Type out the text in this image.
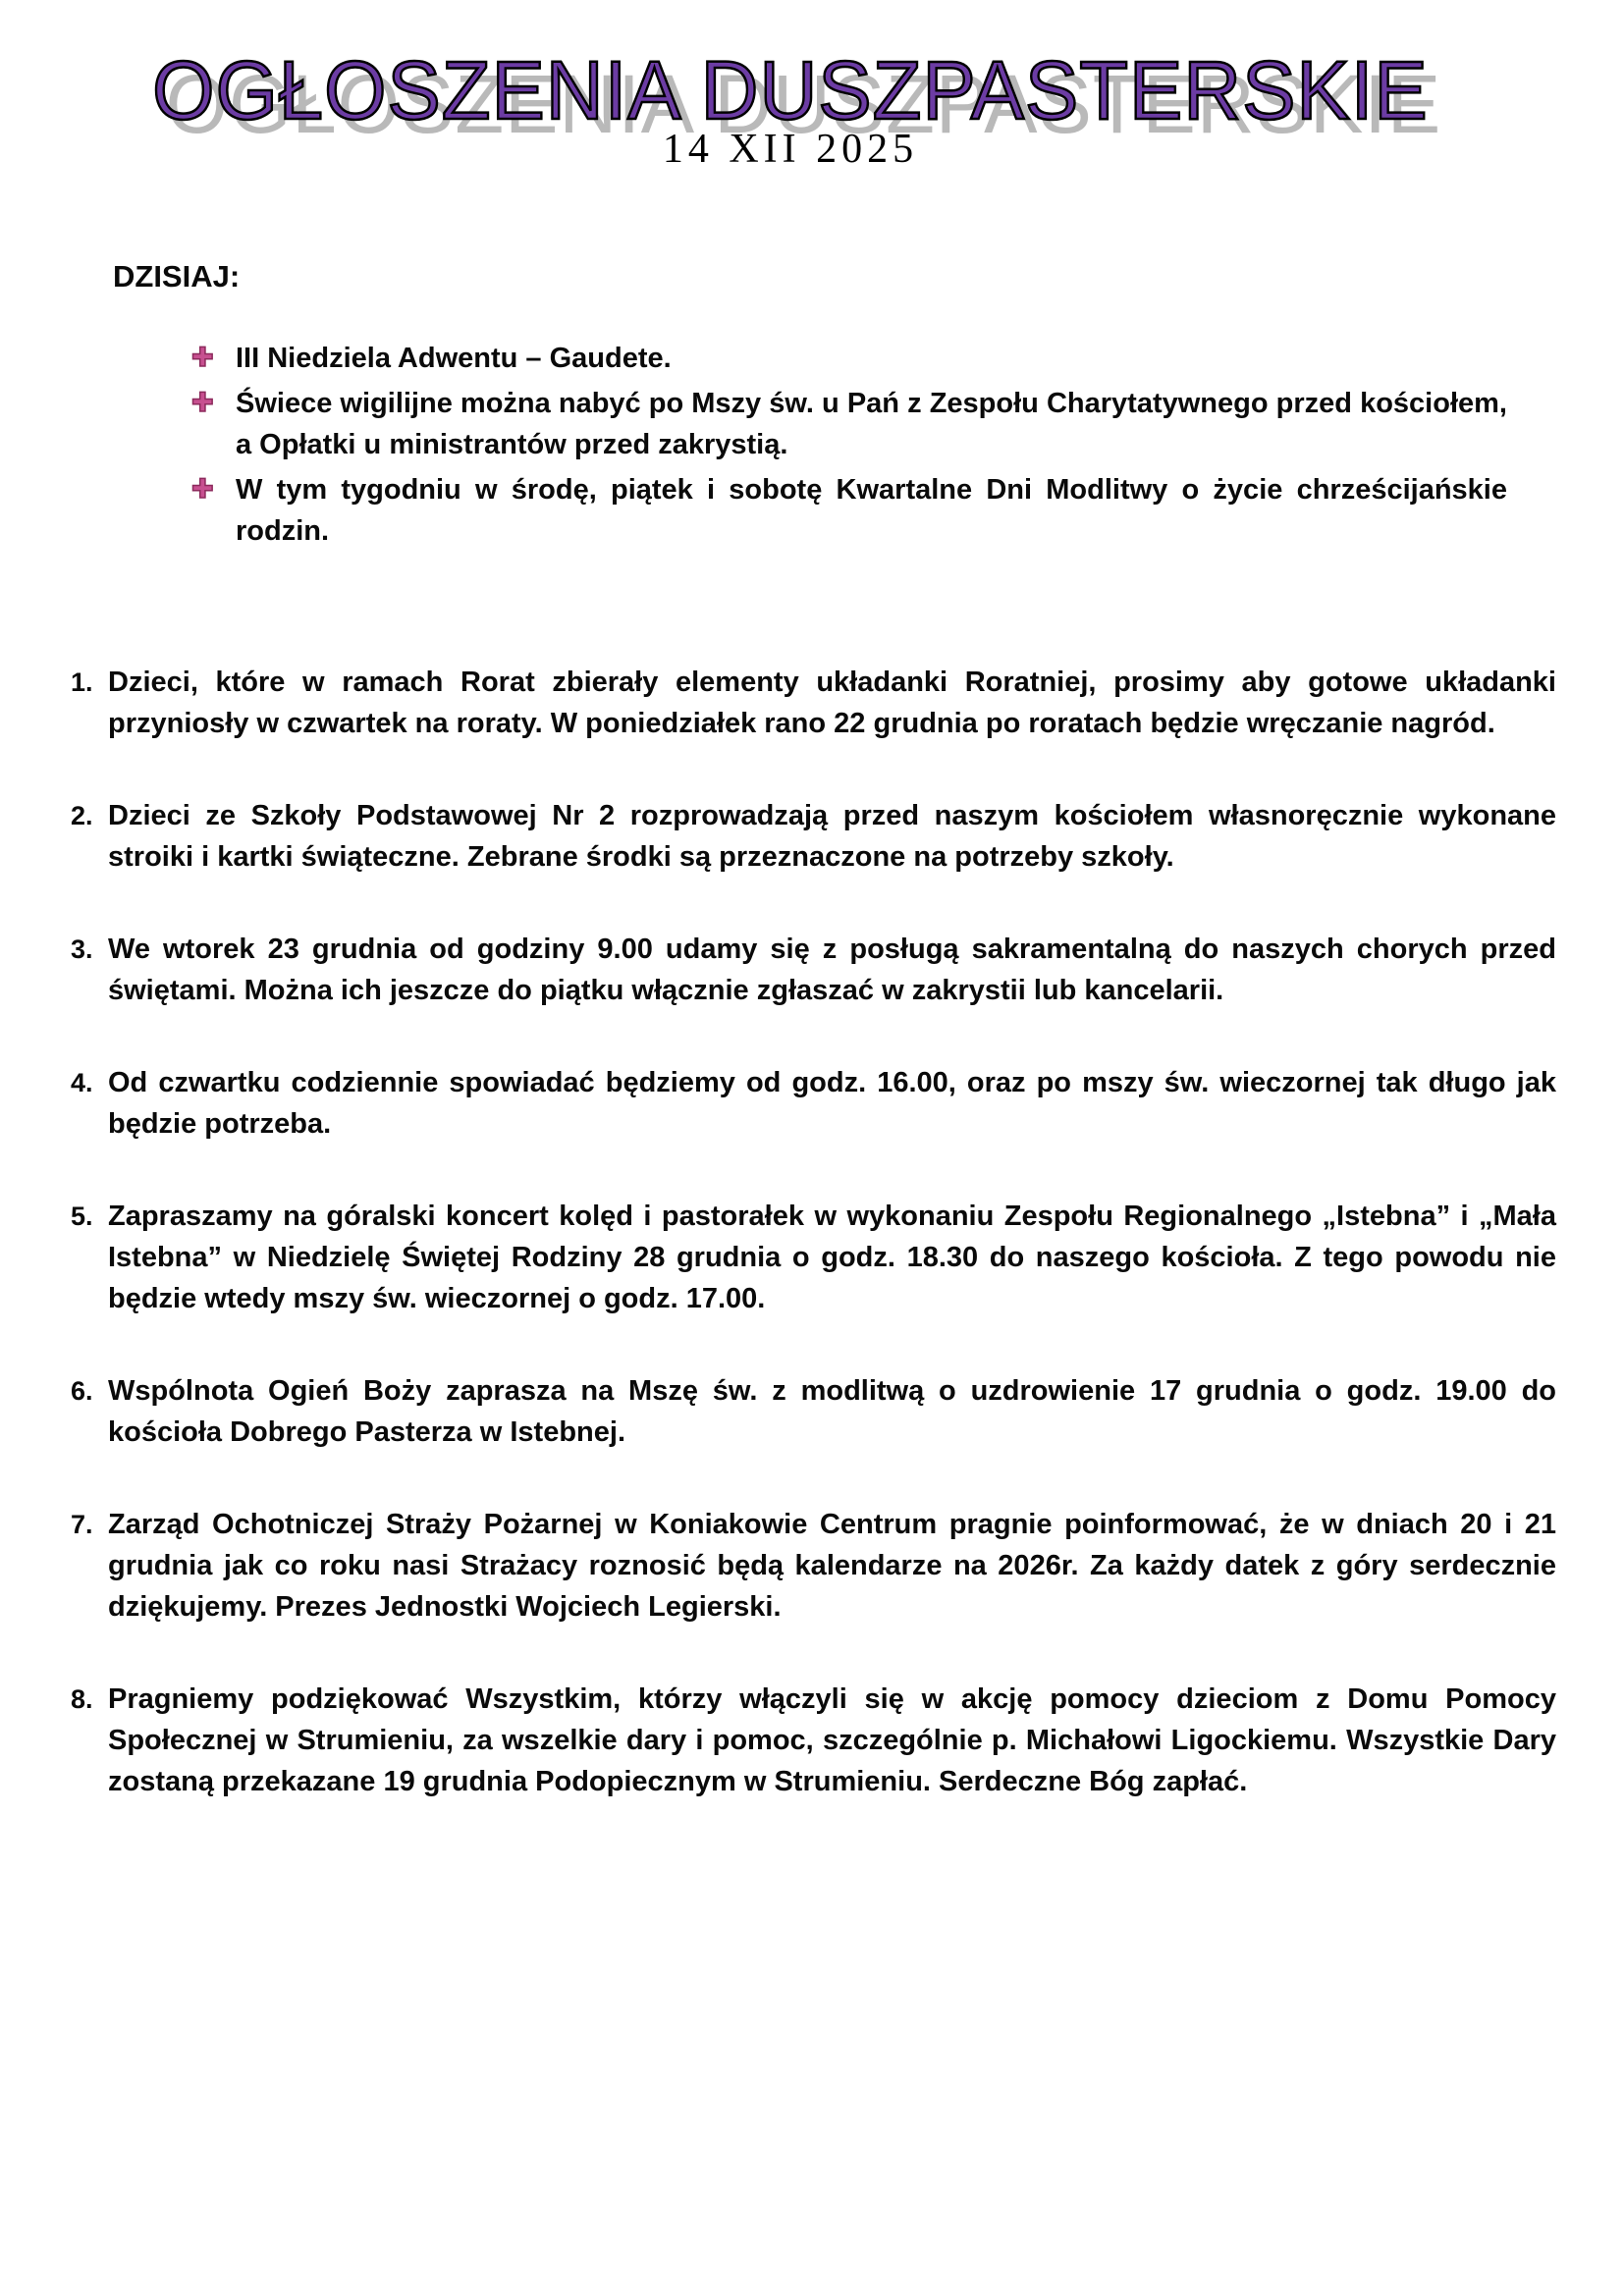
OGŁOSZENIA DUSZPASTERSKIE
14 XII 2025
DZISIAJ:
✚ III Niedziela Adwentu – Gaudete.

✚ Świece wigilijne można nabyć po Mszy św. u Pań z Zespołu Charytatywnego przed kościołem, a Opłatki u ministrantów przed zakrystią.

✚ W tym tygodniu w środę, piątek i sobotę Kwartalne Dni Modlitwy o życie chrześcijańskie rodzin.

1. Dzieci, które w ramach Rorat zbierały elementy układanki Roratniej, prosimy aby gotowe układanki przyniosły w czwartek na roraty. W poniedziałek rano 22 grudnia po roratach będzie wręczanie nagród.

2. Dzieci ze Szkoły Podstawowej Nr 2 rozprowadzają przed naszym kościołem własnoręcznie wykonane stroiki i kartki świąteczne. Zebrane środki są przeznaczone na potrzeby szkoły.

3. We wtorek 23 grudnia od godziny 9.00 udamy się z posługą sakramentalną do naszych chorych przed świętami. Można ich jeszcze do piątku włącznie zgłaszać w zakrystii lub kancelarii.

4. Od czwartku codziennie spowiadać będziemy od godz. 16.00, oraz po mszy św. wieczornej tak długo jak będzie potrzeba.

5. Zapraszamy na góralski koncert kolęd i pastorałek w wykonaniu Zespołu Regionalnego „Istebna” i „Mała Istebna” w Niedzielę Świętej Rodziny 28 grudnia o godz. 18.30 do naszego kościoła. Z tego powodu nie będzie wtedy mszy św. wieczornej o godz. 17.00.

6. Wspólnota Ogień Boży zaprasza na Mszę św. z modlitwą o uzdrowienie 17 grudnia o godz. 19.00 do kościoła Dobrego Pasterza w Istebnej.

7. Zarząd Ochotniczej Straży Pożarnej w Koniakowie Centrum pragnie poinformować, że w dniach 20 i 21 grudnia jak co roku nasi Strażacy roznosić będą kalendarze na 2026r. Za każdy datek z góry serdecznie dziękujemy. Prezes Jednostki Wojciech Legierski.

8. Pragniemy podziękować Wszystkim, którzy włączyli się w akcję pomocy dzieciom z Domu Pomocy Społecznej w Strumieniu, za wszelkie dary i pomoc, szczególnie p. Michałowi Ligockiemu. Wszystkie Dary zostaną przekazane 19 grudnia Podopiecznym w Strumieniu. Serdeczne Bóg zapłać.
